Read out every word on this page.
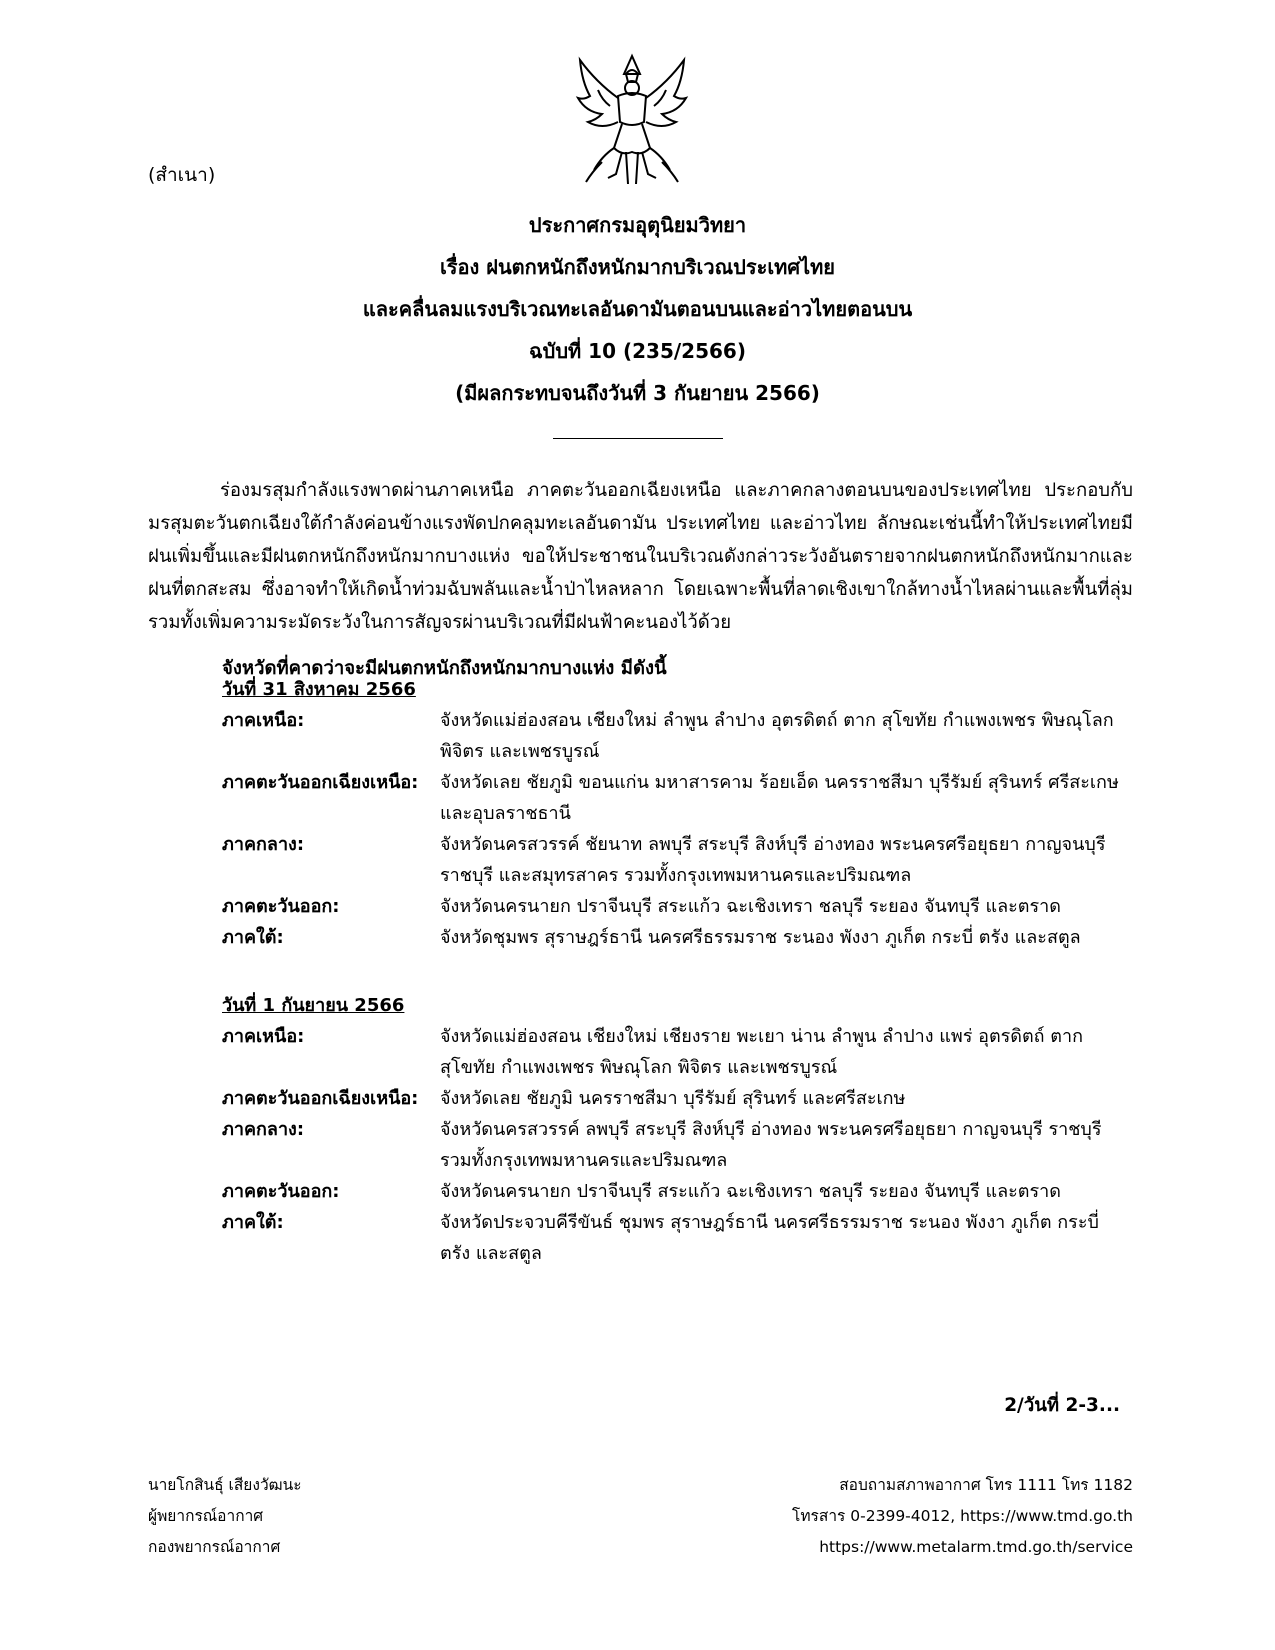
(สำเนา)
ประกาศกรมอุตุนิยมวิทยา
เรื่อง ฝนตกหนักถึงหนักมากบริเวณประเทศไทย
และคลื่นลมแรงบริเวณทะเลอันดามันตอนบนและอ่าวไทยตอนบน
ฉบับที่ 10 (235/2566)
(มีผลกระทบจนถึงวันที่ 3 กันยายน 2566)
ร่องมรสุมกำลังแรงพาดผ่านภาคเหนือ ภาคตะวันออกเฉียงเหนือ และภาคกลางตอนบนของประเทศไทย ประกอบกับมรสุมตะวันตกเฉียงใต้กำลังค่อนข้างแรงพัดปกคลุมทะเลอันดามัน ประเทศไทย และอ่าวไทย ลักษณะเช่นนี้ทำให้ประเทศไทยมีฝนเพิ่มขึ้นและมีฝนตกหนักถึงหนักมากบางแห่ง ขอให้ประชาชนในบริเวณดังกล่าวระวังอันตรายจากฝนตกหนักถึงหนักมากและฝนที่ตกสะสม ซึ่งอาจทำให้เกิดน้ำท่วมฉับพลันและน้ำป่าไหลหลาก โดยเฉพาะพื้นที่ลาดเชิงเขาใกล้ทางน้ำไหลผ่านและพื้นที่ลุ่ม รวมทั้งเพิ่มความระมัดระวังในการสัญจรผ่านบริเวณที่มีฝนฟ้าคะนองไว้ด้วย
จังหวัดที่คาดว่าจะมีฝนตกหนักถึงหนักมากบางแห่ง มีดังนี้
วันที่ 31 สิงหาคม 2566
ภาคเหนือ:	จังหวัดแม่ฮ่องสอน เชียงใหม่ ลำพูน ลำปาง อุตรดิตถ์ ตาก สุโขทัย กำแพงเพชร พิษณุโลก พิจิตร และเพชรบูรณ์
ภาคตะวันออกเฉียงเหนือ:	จังหวัดเลย ชัยภูมิ ขอนแก่น มหาสารคาม ร้อยเอ็ด นครราชสีมา บุรีรัมย์ สุรินทร์ ศรีสะเกษ และอุบลราชธานี
ภาคกลาง:	จังหวัดนครสวรรค์ ชัยนาท ลพบุรี สระบุรี สิงห์บุรี อ่างทอง พระนครศรีอยุธยา กาญจนบุรี ราชบุรี และสมุทรสาคร รวมทั้งกรุงเทพมหานครและปริมณฑล
ภาคตะวันออก:	จังหวัดนครนายก ปราจีนบุรี สระแก้ว ฉะเชิงเทรา ชลบุรี ระยอง จันทบุรี และตราด
ภาคใต้:	จังหวัดชุมพร สุราษฎร์ธานี นครศรีธรรมราช ระนอง พังงา ภูเก็ต กระบี่ ตรัง และสตูล
วันที่ 1 กันยายน 2566
ภาคเหนือ:	จังหวัดแม่ฮ่องสอน เชียงใหม่ เชียงราย พะเยา น่าน ลำพูน ลำปาง แพร่ อุตรดิตถ์ ตาก สุโขทัย กำแพงเพชร พิษณุโลก พิจิตร และเพชรบูรณ์
ภาคตะวันออกเฉียงเหนือ:	จังหวัดเลย ชัยภูมิ นครราชสีมา บุรีรัมย์ สุรินทร์ และศรีสะเกษ
ภาคกลาง:	จังหวัดนครสวรรค์ ลพบุรี สระบุรี สิงห์บุรี อ่างทอง พระนครศรีอยุธยา กาญจนบุรี ราชบุรี รวมทั้งกรุงเทพมหานครและปริมณฑล
ภาคตะวันออก:	จังหวัดนครนายก ปราจีนบุรี สระแก้ว ฉะเชิงเทรา ชลบุรี ระยอง จันทบุรี และตราด
ภาคใต้:	จังหวัดประจวบคีรีขันธ์ ชุมพร สุราษฎร์ธานี นครศรีธรรมราช ระนอง พังงา ภูเก็ต กระบี่ ตรัง และสตูล
2/วันที่ 2-3...
นายโกสินธุ์ เสียงวัฒนะ
ผู้พยากรณ์อากาศ
กองพยากรณ์อากาศ
สอบถามสภาพอากาศ โทร 1111 โทร 1182
โทรสาร 0-2399-4012, https://www.tmd.go.th
https://www.metalarm.tmd.go.th/service
